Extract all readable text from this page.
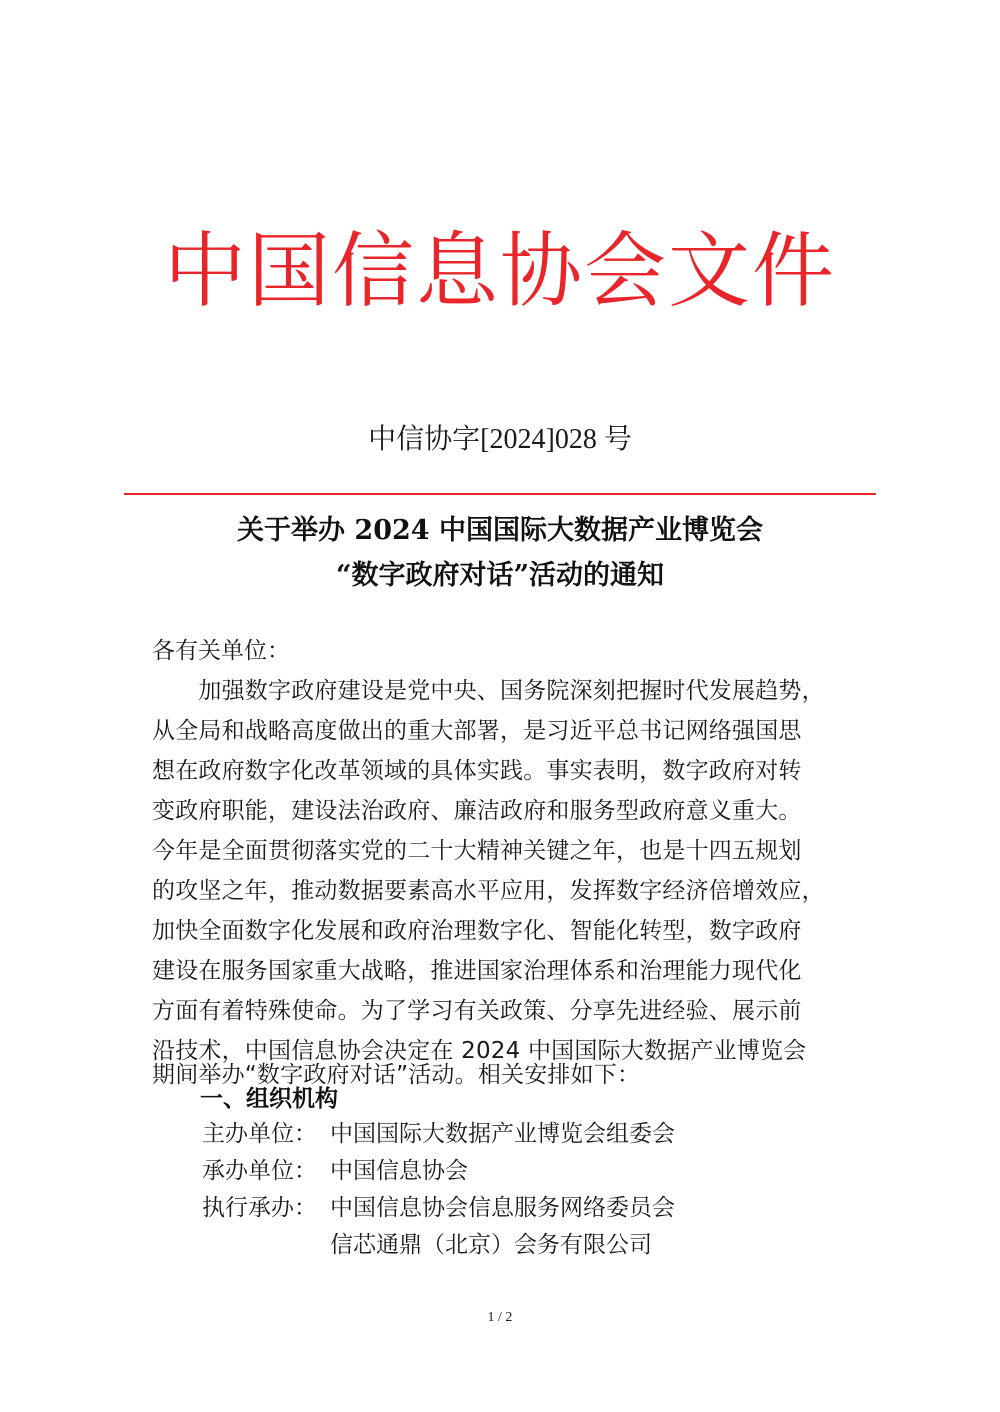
中国信息协会文件
中信协字[2024]028 号
关于举办 2024 中国国际大数据产业博览会
“数字政府对话”活动的通知
各有关单位：
　　加强数字政府建设是党中央、国务院深刻把握时代发展趋势，
从全局和战略高度做出的重大部署，是习近平总书记网络强国思
想在政府数字化改革领域的具体实践。事实表明，数字政府对转
变政府职能，建设法治政府、廉洁政府和服务型政府意义重大。
今年是全面贯彻落实党的二十大精神关键之年，也是十四五规划
的攻坚之年，推动数据要素高水平应用，发挥数字经济倍增效应，
加快全面数字化发展和政府治理数字化、智能化转型，数字政府
建设在服务国家重大战略，推进国家治理体系和治理能力现代化
方面有着特殊使命。为了学习有关政策、分享先进经验、展示前
沿技术，中国信息协会决定在 2024 中国国际大数据产业博览会
期间举办“数字政府对话”活动。相关安排如下：
一、组织机构
主办单位： 中国国际大数据产业博览会组委会
承办单位： 中国信息协会
执行承办： 中国信息协会信息服务网络委员会
信芯通鼎（北京）会务有限公司
1 / 2
